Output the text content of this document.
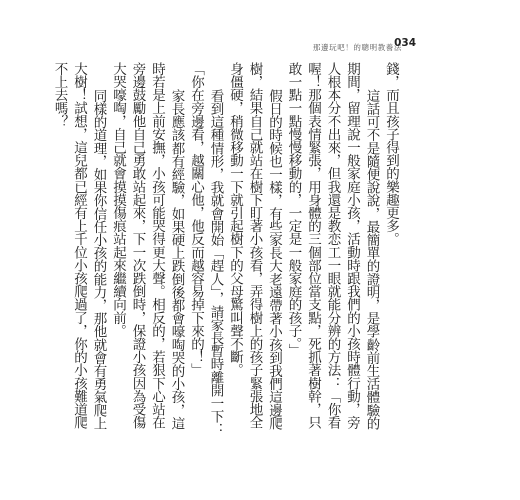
那邊玩吧！的聰明教養法
034

錢，而且孩子得到的樂趣更多。

這話可不是隨便說說，最簡單的證明，是學齡前生活體驗的期間，留理說一般家庭小孩，活動時跟我們的小孩時體行動，旁人根本分不出來，但我還是教恋工一眼就能分辨的方法：「你看喔！那個表情緊張，用身體的三個部位當支點，死抓著樹幹，只敢一點一點慢慢移動的，一定是一般家庭的孩子。」

假日的時候也一樣，有些家長大老遠帶著小孩到我們這邊爬樹，結果自己就站在樹下盯著小孩看，弄得樹上的孩子緊張地全身僵硬，稍微移動一下就引起樹下的父母驚叫聲不斷。

看到這種情形，我就會開始「趕人」，請家長暫時離開一下：「你在旁邊看，越關心他，他反而越容易掉下來的！」

家長應該都有經驗，如果硬上跌倒後都會嚎啕哭的小孩，這時若是上前安撫，小孩可能哭得更大聲。相反的，若狠下心站在旁邊鼓勵他自己勇敢站起來，下一次跌倒時，保證小孩因為受傷大哭嚎啕，自己就會摸摸傷痕站起來繼續向前。

同樣的道理，如果你信任小孩的能力，那他就會有勇氣爬上大樹！試想，這兒都已經有上千位小孩爬過了，你的小孩難道爬不上去嗎？
